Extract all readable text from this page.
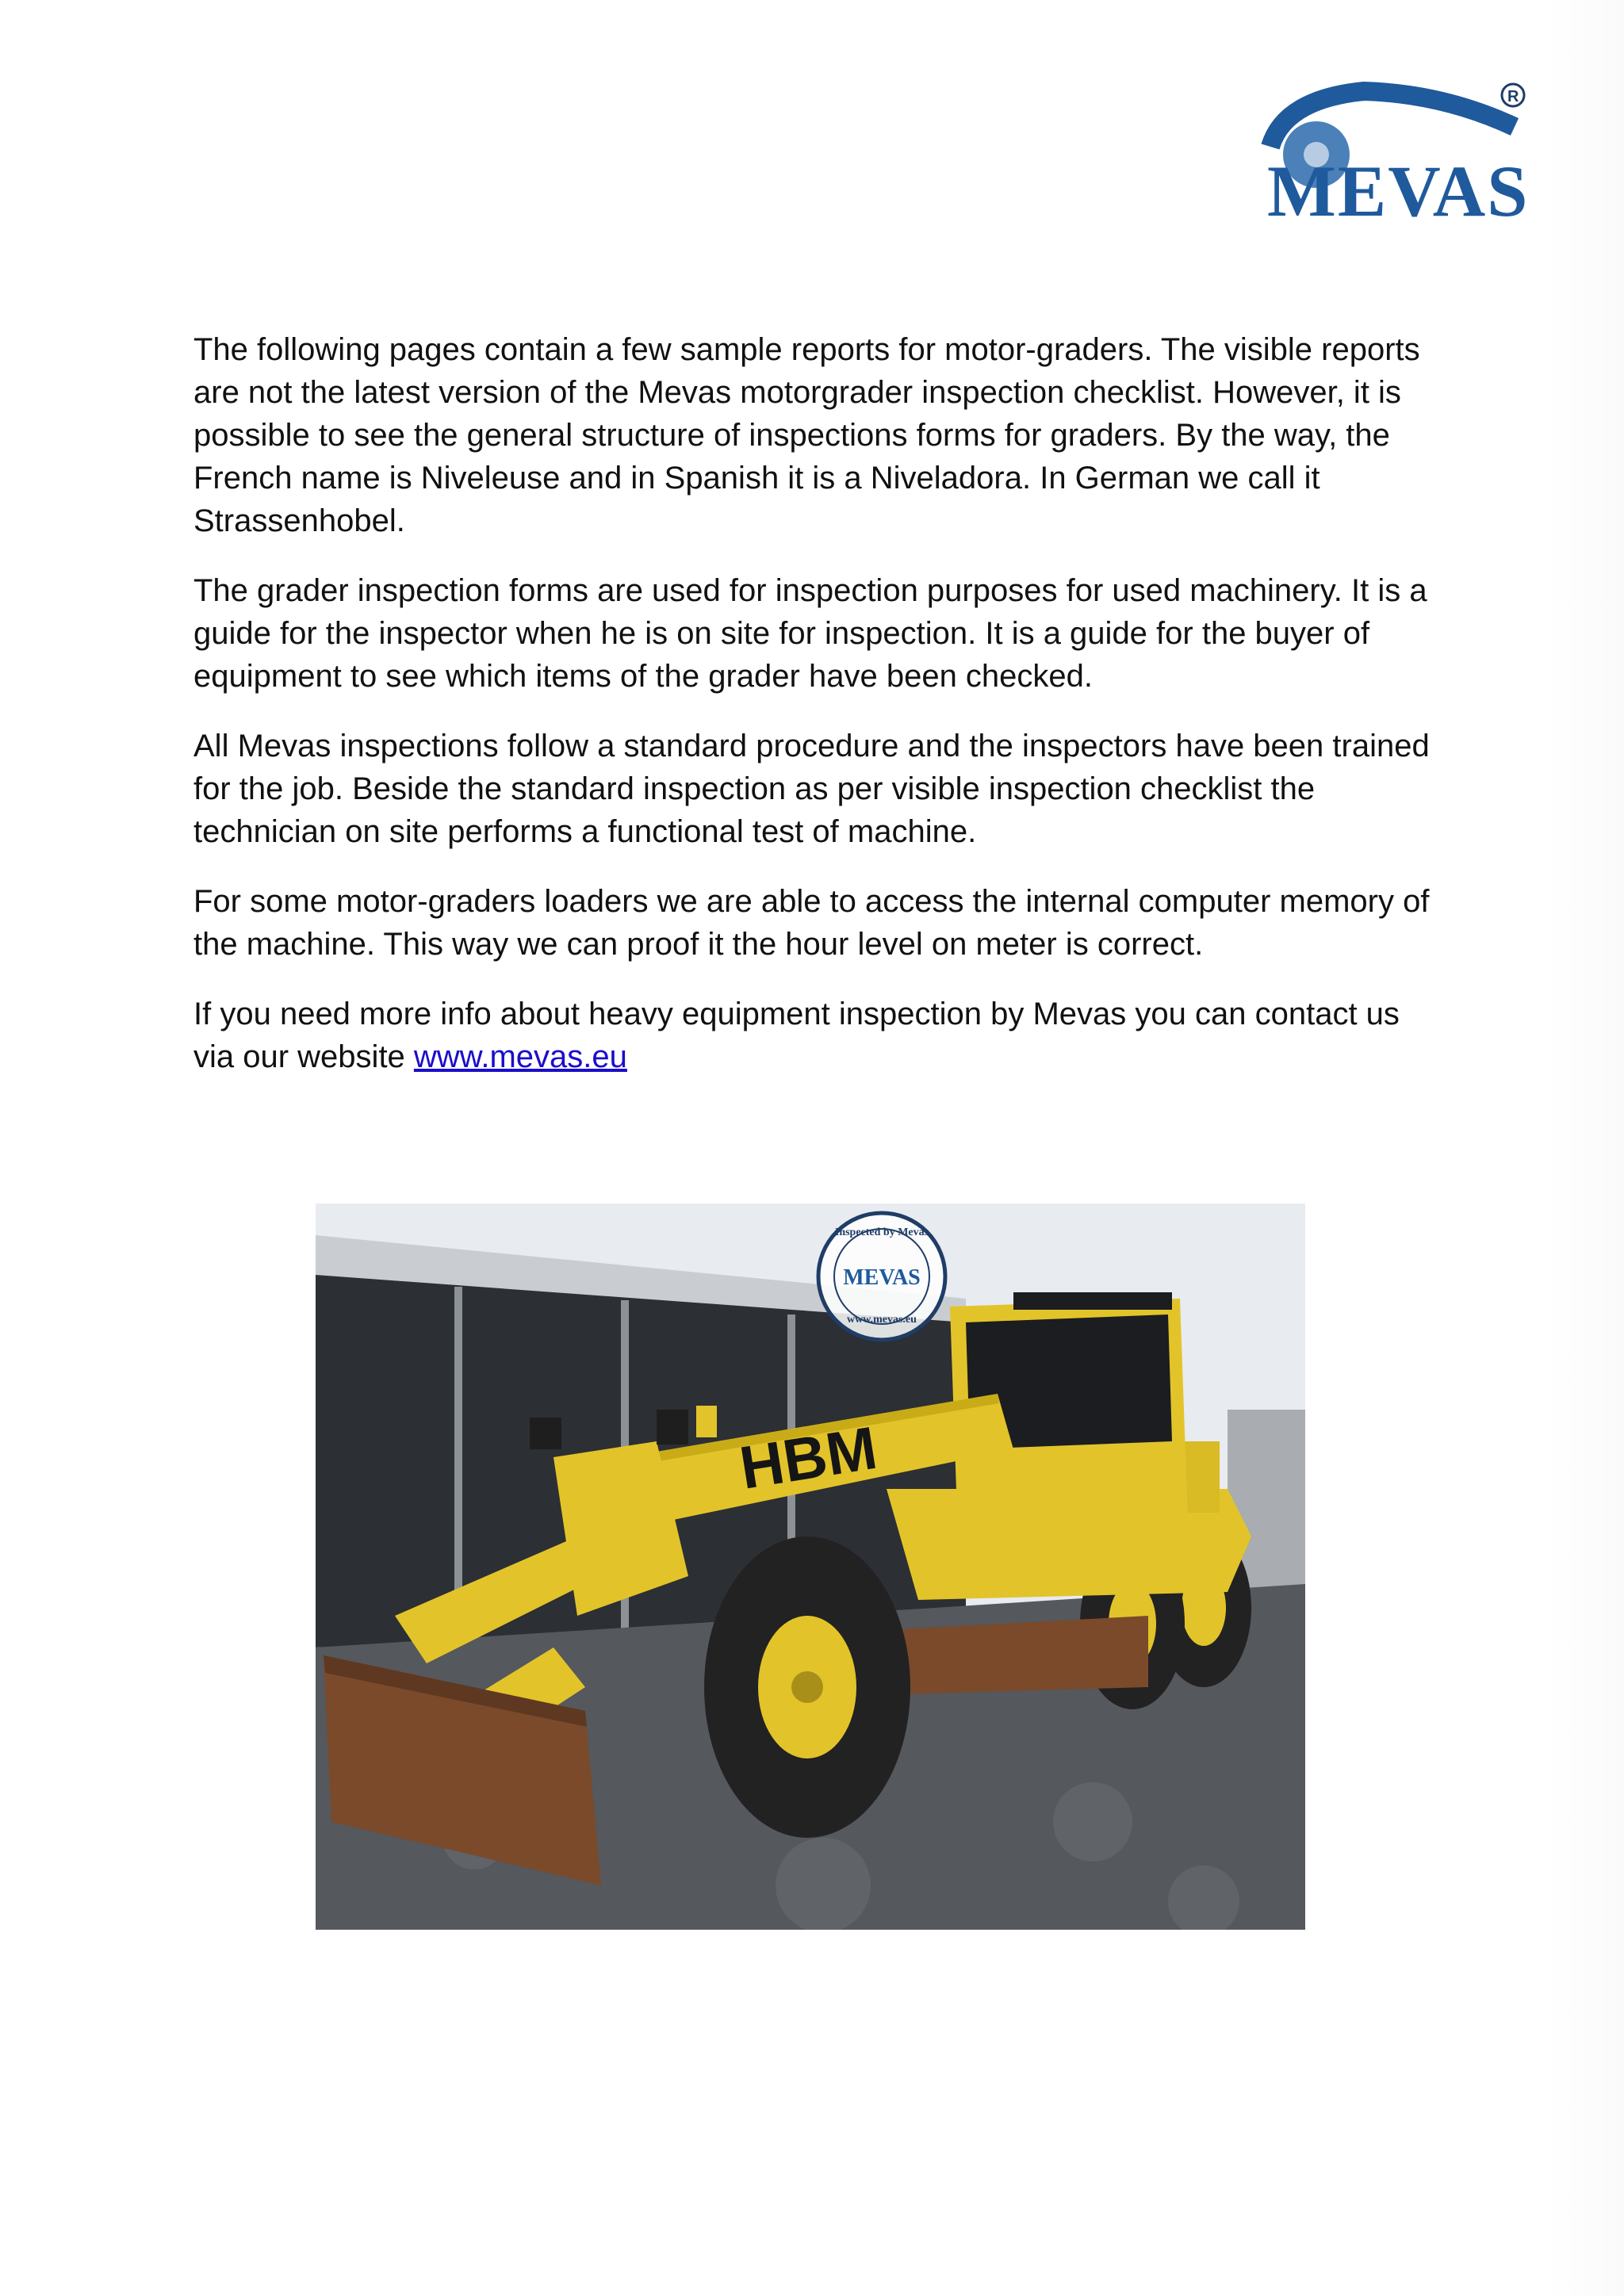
MEVAS
R

The following pages contain a few sample reports for motor-graders. The visible reports are not the latest version of the Mevas motorgrader inspection checklist. However, it is possible to see the general structure of inspections forms for graders. By the way, the French name is Niveleuse and in Spanish it is a Niveladora. In German we call it Strassenhobel.

The grader inspection forms are used for inspection purposes for used machinery. It is a guide for the inspector when he is on site for inspection. It is a guide for the buyer of equipment to see which items of the grader have been checked.

All Mevas inspections follow a standard procedure and the inspectors have been trained for the job. Beside the standard inspection as per visible inspection checklist the technician on site performs a functional test of machine.

For some motor-graders loaders we are able to access the internal computer memory of the machine. This way we can proof it the hour level on meter is correct.

If you need more info about heavy equipment inspection by Mevas you can contact us via our website www.mevas.eu

HBM
Inspected by Mevas
MEVAS
www.mevas.eu
